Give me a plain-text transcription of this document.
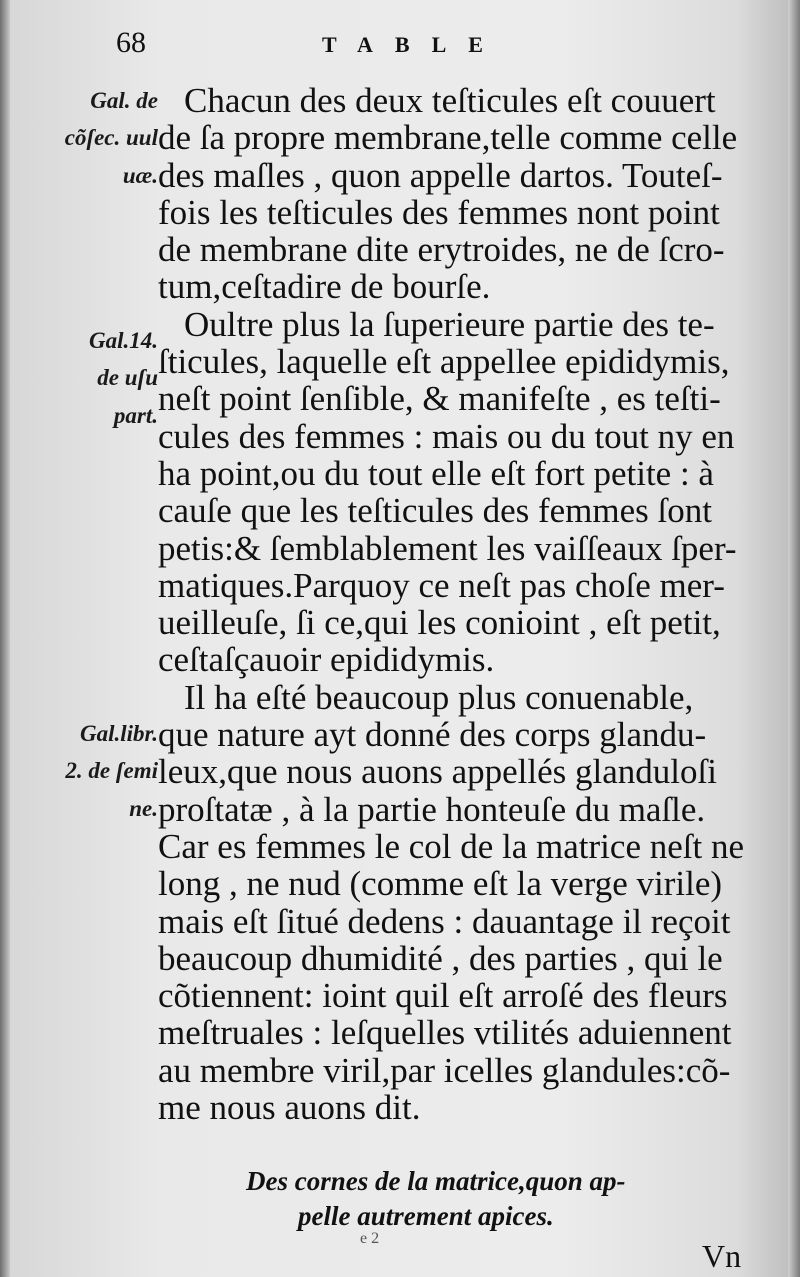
68	TABLE
Gal. de
cõſec. uul
uæ.
Gal.14.
de uſu
part.
Gal.libr.
2. de ſemi
ne.
Chacun des deux teſticules eſt couuert
de ſa propre membrane,telle comme celle
des maſles , quon appelle dartos. Touteſ-
fois les teſticules des femmes nont point
de membrane dite erytroides, ne de ſcro-
tum,ceſtadire de bourſe.
Oultre plus la ſuperieure partie des te-
ſticules, laquelle eſt appellee epididymis,
neſt point ſenſible, & manifeſte , es teſti-
cules des femmes : mais ou du tout ny en
ha point,ou du tout elle eſt fort petite : à
cauſe que les teſticules des femmes ſont
petis:& ſemblablement les vaiſſeaux ſper-
matiques.Parquoy ce neſt pas choſe mer-
ueilleuſe, ſi ce,qui les conioint , eſt petit,
ceſtaſçauoir epididymis.
Il ha eſté beaucoup plus conuenable,
que nature ayt donné des corps glandu-
leux,que nous auons appellés glanduloſi
proſtatæ , à la partie honteuſe du maſle.
Car es femmes le col de la matrice neſt ne
long , ne nud (comme eſt la verge virile)
mais eſt ſitué dedens : dauantage il reçoit
beaucoup dhumidité , des parties , qui le
cõtiennent: ioint quil eſt arroſé des fleurs
meſtruales : leſquelles vtilités aduiennent
au membre viril,par icelles glandules:cõ-
me nous auons dit.
Des cornes de la matrice,quon ap-
pelle autrement apices.
e 2	Vn
